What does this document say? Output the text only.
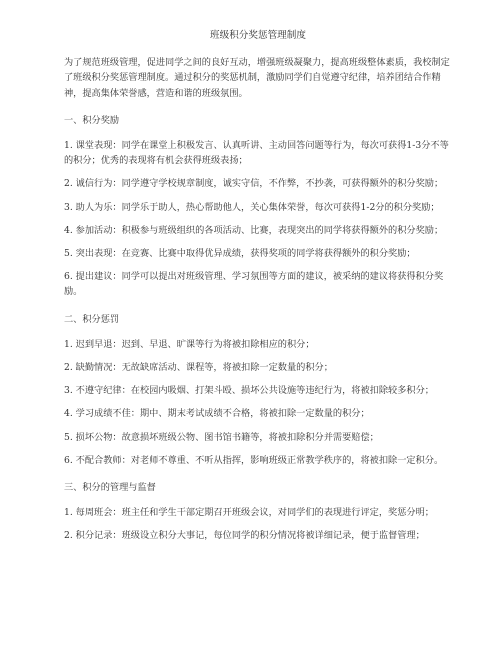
班级积分奖惩管理制度
为了规范班级管理，促进同学之间的良好互动，增强班级凝聚力，提高班级整体素质，我校制定了班级积分奖惩管理制度。通过积分的奖惩机制，激励同学们自觉遵守纪律，培养团结合作精神，提高集体荣誉感，营造和谐的班级氛围。
一、积分奖励
1. 课堂表现：同学在课堂上积极发言、认真听讲、主动回答问题等行为，每次可获得1-3分不等的积分；优秀的表现将有机会获得班级表扬；
2. 诚信行为：同学遵守学校规章制度，诚实守信，不作弊，不抄袭，可获得额外的积分奖励；
3. 助人为乐：同学乐于助人，热心帮助他人，关心集体荣誉，每次可获得1-2分的积分奖励；
4. 参加活动：积极参与班级组织的各项活动、比赛，表现突出的同学将获得额外的积分奖励；
5. 突出表现：在竞赛、比赛中取得优异成绩，获得奖项的同学将获得额外的积分奖励；
6. 提出建议：同学可以提出对班级管理、学习氛围等方面的建议，被采纳的建议将获得积分奖励。
二、积分惩罚
1. 迟到早退：迟到、早退、旷课等行为将被扣除相应的积分；
2. 缺勤情况：无故缺席活动、课程等，将被扣除一定数量的积分；
3. 不遵守纪律：在校园内吸烟、打架斗殴、损坏公共设施等违纪行为，将被扣除较多积分；
4. 学习成绩不佳：期中、期末考试成绩不合格，将被扣除一定数量的积分；
5. 损坏公物：故意损坏班级公物、图书馆书籍等，将被扣除积分并需要赔偿；
6. 不配合教师：对老师不尊重、不听从指挥，影响班级正常教学秩序的，将被扣除一定积分。
三、积分的管理与监督
1. 每周班会：班主任和学生干部定期召开班级会议，对同学们的表现进行评定，奖惩分明；
2. 积分记录：班级设立积分大事记，每位同学的积分情况将被详细记录，便于监督管理；
